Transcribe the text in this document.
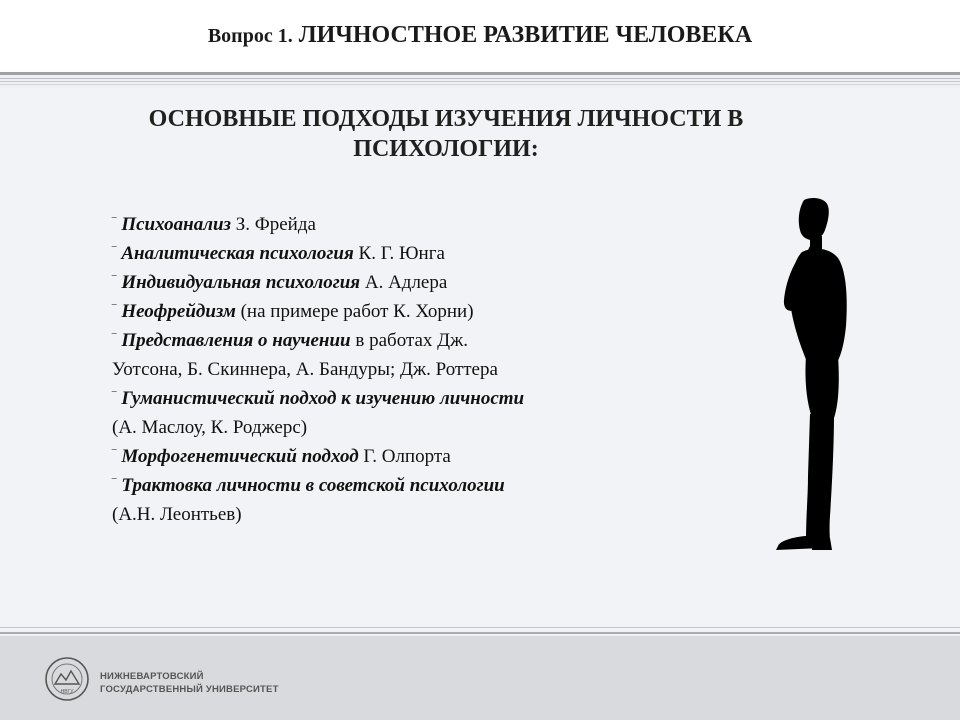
Вопрос 1. ЛИЧНОСТНОЕ РАЗВИТИЕ ЧЕЛОВЕКА
ОСНОВНЫЕ ПОДХОДЫ ИЗУЧЕНИЯ ЛИЧНОСТИ В
ПСИХОЛОГИИ:
‾ Психоанализ З. Фрейда
‾ Аналитическая психология К. Г. Юнга
‾ Индивидуальная психология А. Адлера
‾ Неофрейдизм (на примере работ К. Хорни)
‾ Представления о научении в работах Дж.
Уотсона, Б. Скиннера, А. Бандуры; Дж. Роттера
‾ Гуманистический подход к изучению личности
(А. Маслоу, К. Роджерс)
‾ Морфогенетический подход Г. Олпорта
‾ Трактовка личности в советской психологии
(А.Н. Леонтьев)
НВГУ
НИЖНЕВАРТОВСКИЙ
ГОСУДАРСТВЕННЫЙ УНИВЕРСИТЕТ
